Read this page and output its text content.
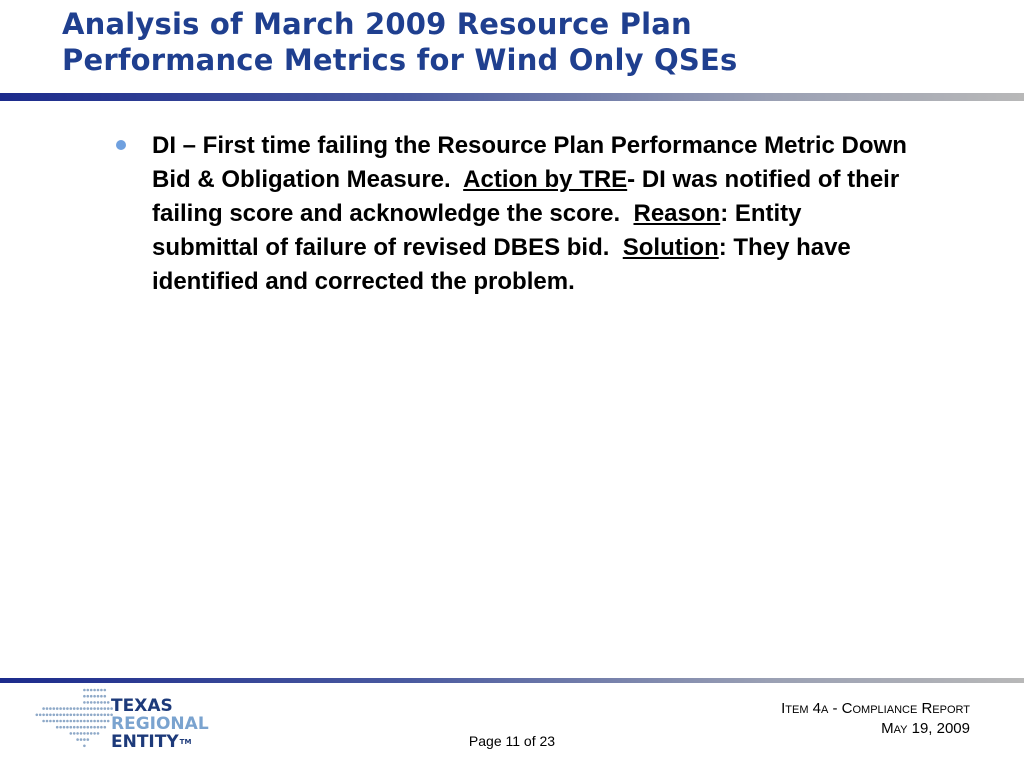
Analysis of March 2009 Resource Plan
Performance Metrics for Wind Only QSEs
DI – First time failing the Resource Plan Performance Metric Down Bid & Obligation Measure.  Action by TRE- DI was notified of their failing score and acknowledge the score.  Reason: Entity submittal of failure of revised DBES bid.  Solution: They have identified and corrected the problem.
TEXAS
REGIONAL
ENTITY™	Page 11 of 23
Item 4a - Compliance Report
May 19, 2009
